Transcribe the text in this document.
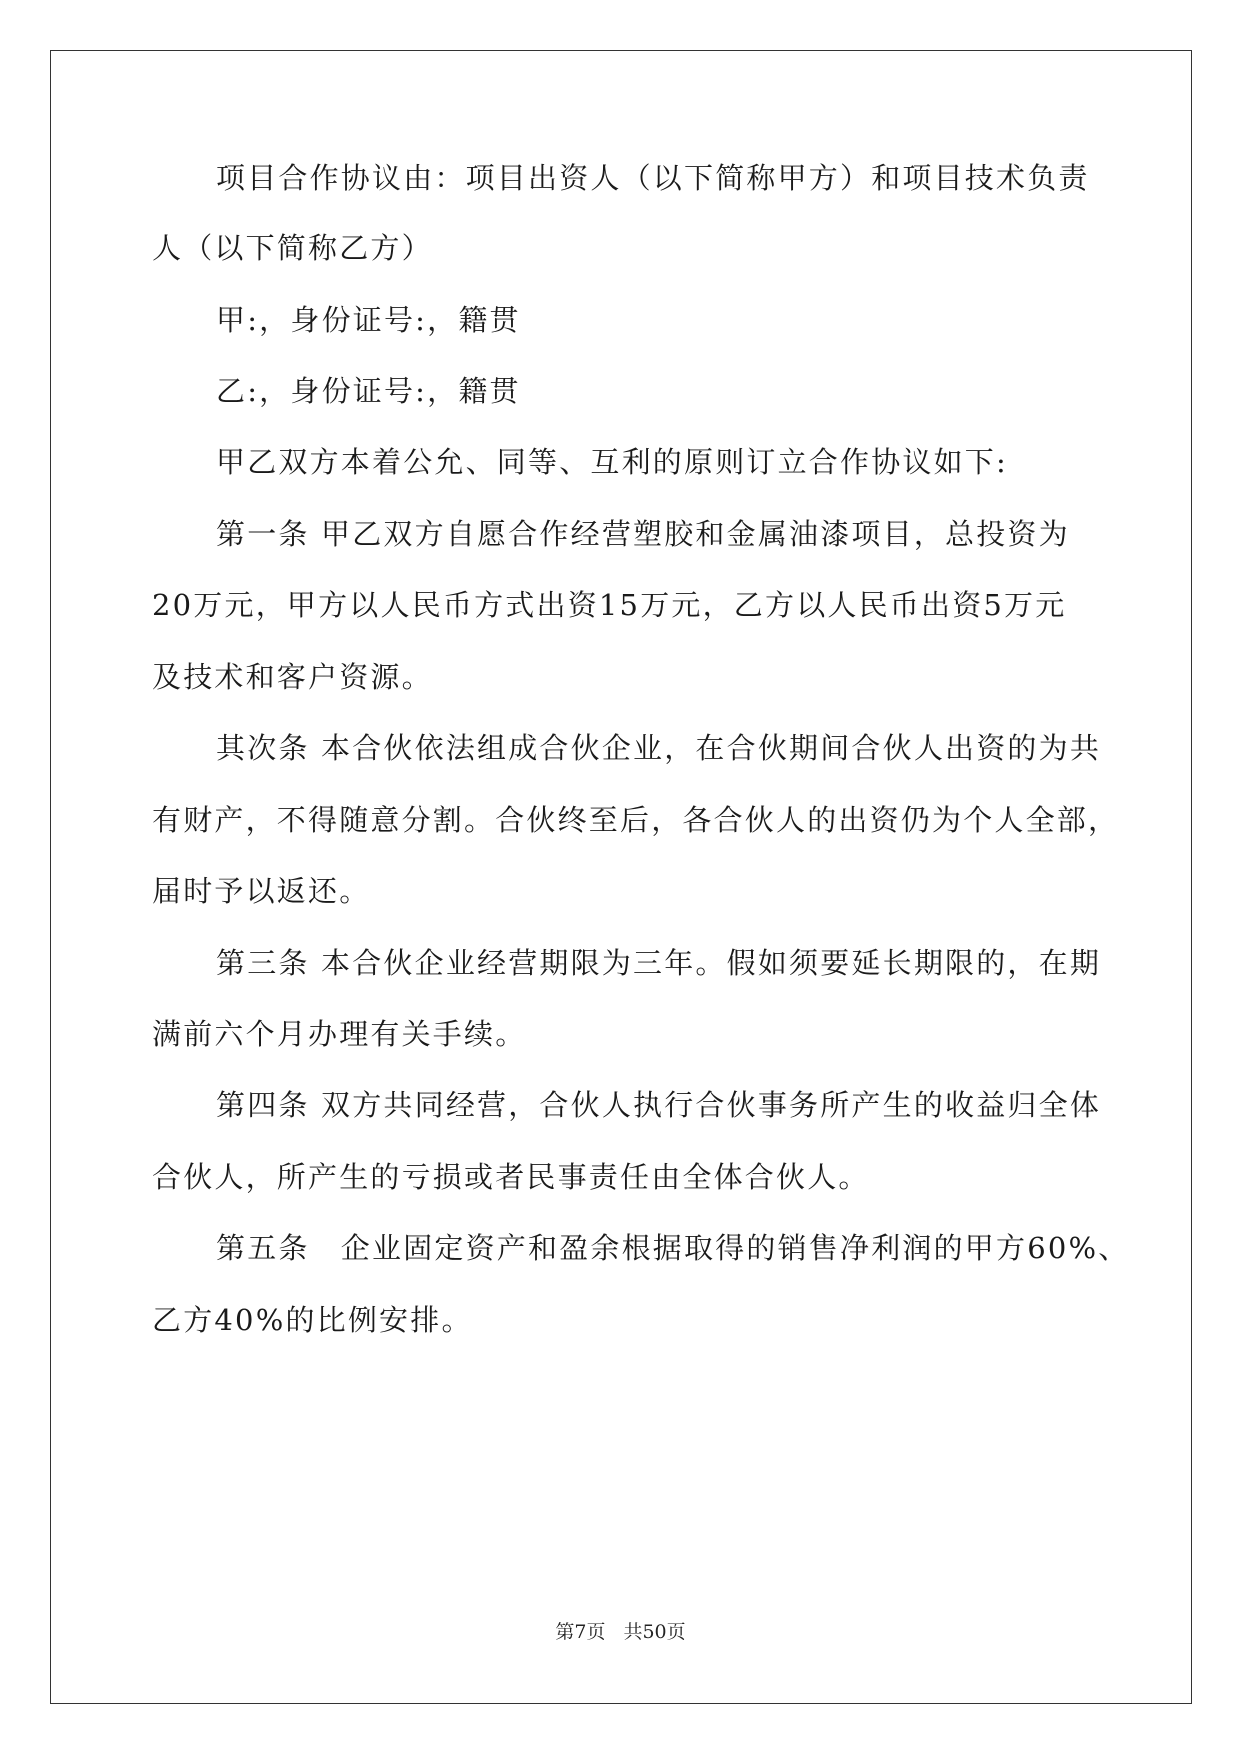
项目合作协议由：项目出资人（以下简称甲方）和项目技术负责
人（以下简称乙方）
甲:，身份证号:，籍贯
乙:，身份证号:，籍贯
甲乙双方本着公允、同等、互利的原则订立合作协议如下:
第一条 甲乙双方自愿合作经营塑胶和金属油漆项目，总投资为
20万元，甲方以人民币方式出资15万元，乙方以人民币出资5万元
及技术和客户资源。
其次条 本合伙依法组成合伙企业，在合伙期间合伙人出资的为共
有财产，不得随意分割。合伙终至后，各合伙人的出资仍为个人全部，
届时予以返还。
第三条 本合伙企业经营期限为三年。假如须要延长期限的，在期
满前六个月办理有关手续。
第四条 双方共同经营，合伙人执行合伙事务所产生的收益归全体
合伙人，所产生的亏损或者民事责任由全体合伙人。
第五条　企业固定资产和盈余根据取得的销售净利润的甲方60%、
乙方40%的比例安排。
第7页 共50页
